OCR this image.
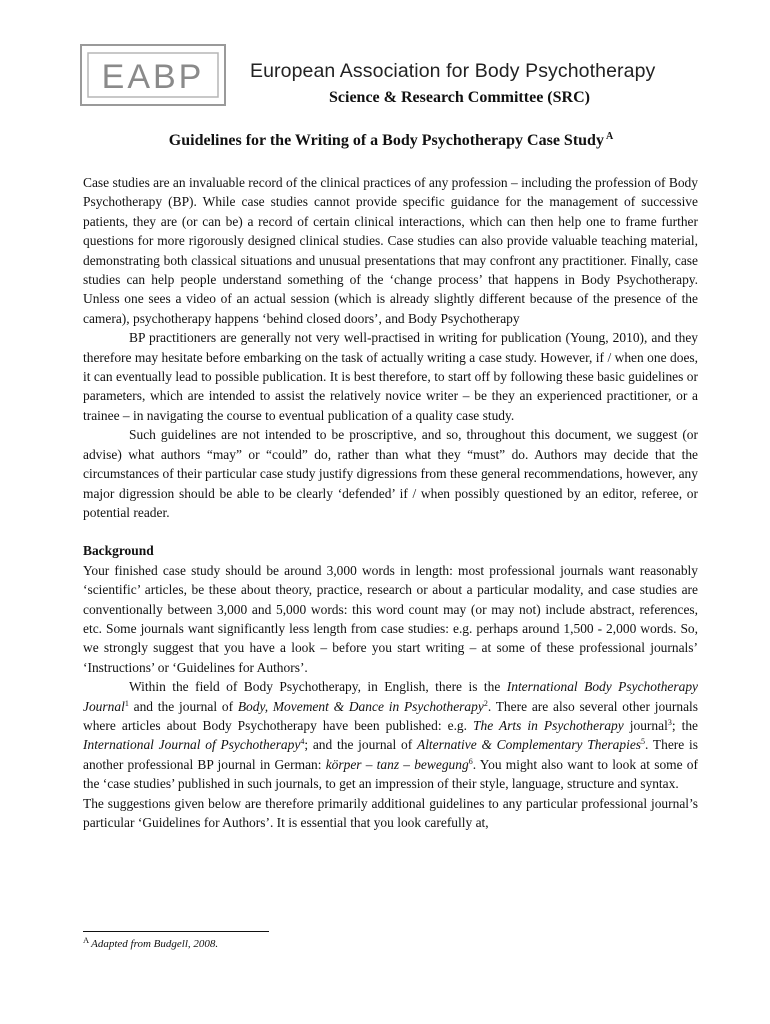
EABP European Association for Body Psychotherapy
Science & Research Committee (SRC)
Guidelines for the Writing of a Body Psychotherapy Case Study $^A$

Case studies are an invaluable record of the clinical practices of any profession – including the profession of Body Psychotherapy (BP). While case studies cannot provide specific guidance for the management of successive patients, they are (or can be) a record of certain clinical interactions, which can then help one to frame further questions for more rigorously designed clinical studies. Case studies can also provide valuable teaching material, demonstrating both classical situations and unusual presentations that may confront any practitioner. Finally, case studies can help people understand something of the ‘change process’ that happens in Body Psychotherapy. Unless one sees a video of an actual session (which is already slightly different because of the presence of the camera), psychotherapy happens ‘behind closed doors’, and Body Psychotherapy

BP practitioners are generally not very well-practised in writing for publication (Young, 2010), and they therefore may hesitate before embarking on the task of actually writing a case study. However, if / when one does, it can eventually lead to possible publication. It is best therefore, to start off by following these basic guidelines or parameters, which are intended to assist the relatively novice writer – be they an experienced practitioner, or a trainee – in navigating the course to eventual publication of a quality case study.

Such guidelines are not intended to be proscriptive, and so, throughout this document, we suggest (or advise) what authors “may” or “could” do, rather than what they “must” do. Authors may decide that the circumstances of their particular case study justify digressions from these general recommendations, however, any major digression should be able to be clearly ‘defended’ if / when possibly questioned by an editor, referee, or potential reader.

Background

Your finished case study should be around 3,000 words in length: most professional journals want reasonably ‘scientific’ articles, be these about theory, practice, research or about a particular modality, and case studies are conventionally between 3,000 and 5,000 words: this word count may (or may not) include abstract, references, etc. Some journals want significantly less length from case studies: e.g. perhaps around 1,500 - 2,000 words. So, we strongly suggest that you have a look – before you start writing – at some of these professional journals’ ‘Instructions’ or ‘Guidelines for Authors’.

Within the field of Body Psychotherapy, in English, there is the International Body Psychotherapy Journal$^1$ and the journal of Body, Movement & Dance in Psychotherapy$^2$. There are also several other journals where articles about Body Psychotherapy have been published: e.g. The Arts in Psychotherapy journal$^3$; the International Journal of Psychotherapy$^4$; and the journal of Alternative & Complementary Therapies$^5$. There is another professional BP journal in German: körper – tanz – bewegung$^6$. You might also want to look at some of the ‘case studies’ published in such journals, to get an impression of their style, language, structure and syntax.

The suggestions given below are therefore primarily additional guidelines to any particular professional journal’s particular ‘Guidelines for Authors’. It is essential that you look carefully at,

$^A$ Adapted from Budgell, 2008.
